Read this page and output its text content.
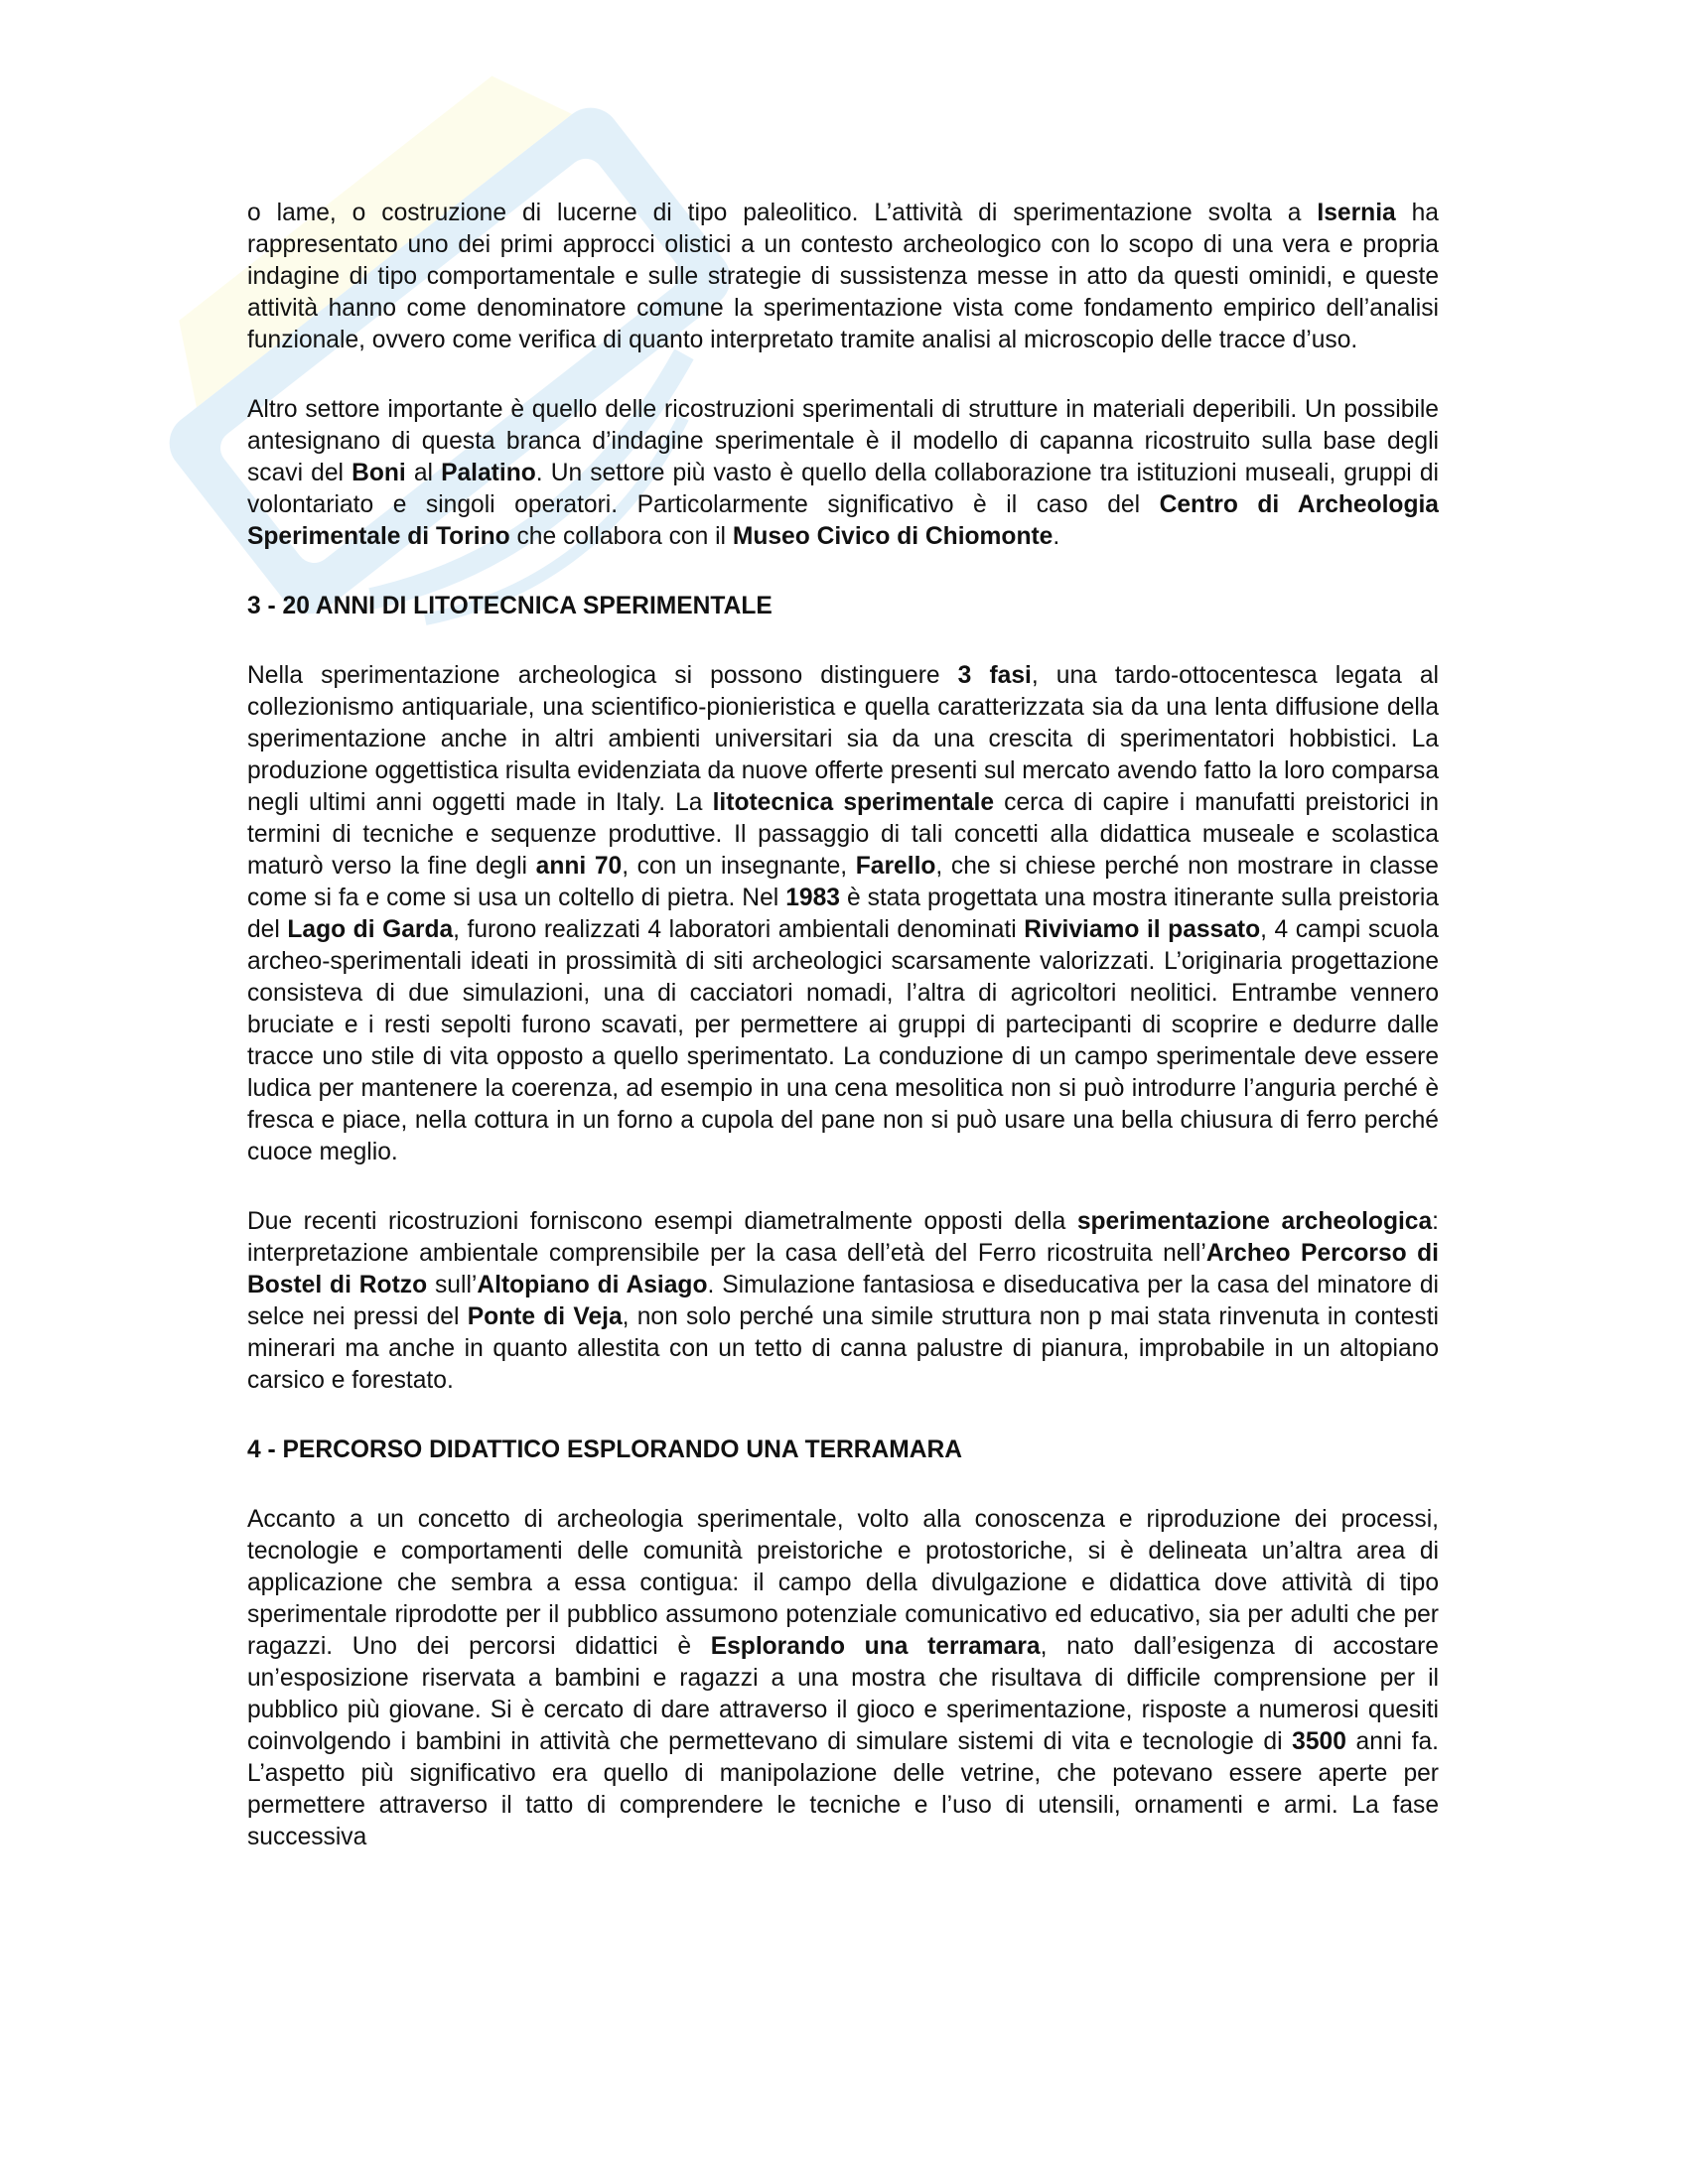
o lame, o costruzione di lucerne di tipo paleolitico. L’attività di sperimentazione svolta a Isernia ha rappresentato uno dei primi approcci olistici a un contesto archeologico con lo scopo di una vera e propria indagine di tipo comportamentale e sulle strategie di sussistenza messe in atto da questi ominidi, e queste attività hanno come denominatore comune la sperimentazione vista come fondamento empirico dell’analisi funzionale, ovvero come verifica di quanto interpretato tramite analisi al microscopio delle tracce d’uso.

Altro settore importante è quello delle ricostruzioni sperimentali di strutture in materiali deperibili. Un possibile antesignano di questa branca d’indagine sperimentale è il modello di capanna ricostruito sulla base degli scavi del Boni al Palatino. Un settore più vasto è quello della collaborazione tra istituzioni museali, gruppi di volontariato e singoli operatori. Particolarmente significativo è il caso del Centro di Archeologia Sperimentale di Torino che collabora con il Museo Civico di Chiomonte.

3 - 20 ANNI DI LITOTECNICA SPERIMENTALE

Nella sperimentazione archeologica si possono distinguere 3 fasi, una tardo-ottocentesca legata al collezionismo antiquariale, una scientifico-pionieristica e quella caratterizzata sia da una lenta diffusione della sperimentazione anche in altri ambienti universitari sia da una crescita di sperimentatori hobbistici. La produzione oggettistica risulta evidenziata da nuove offerte presenti sul mercato avendo fatto la loro comparsa negli ultimi anni oggetti made in Italy. La litotecnica sperimentale cerca di capire i manufatti preistorici in termini di tecniche e sequenze produttive. Il passaggio di tali concetti alla didattica museale e scolastica maturò verso la fine degli anni 70, con un insegnante, Farello, che si chiese perché non mostrare in classe come si fa e come si usa un coltello di pietra. Nel 1983 è stata progettata una mostra itinerante sulla preistoria del Lago di Garda, furono realizzati 4 laboratori ambientali denominati Riviviamo il passato, 4 campi scuola archeo-sperimentali ideati in prossimità di siti archeologici scarsamente valorizzati. L’originaria progettazione consisteva di due simulazioni, una di cacciatori nomadi, l’altra di agricoltori neolitici. Entrambe vennero bruciate e i resti sepolti furono scavati, per permettere ai gruppi di partecipanti di scoprire e dedurre dalle tracce uno stile di vita opposto a quello sperimentato. La conduzione di un campo sperimentale deve essere ludica per mantenere la coerenza, ad esempio in una cena mesolitica non si può introdurre l’anguria perché è fresca e piace, nella cottura in un forno a cupola del pane non si può usare una bella chiusura di ferro perché cuoce meglio.

Due recenti ricostruzioni forniscono esempi diametralmente opposti della sperimentazione archeologica: interpretazione ambientale comprensibile per la casa dell’età del Ferro ricostruita nell’Archeo Percorso di Bostel di Rotzo sull’Altopiano di Asiago. Simulazione fantasiosa e diseducativa per la casa del minatore di selce nei pressi del Ponte di Veja, non solo perché una simile struttura non p mai stata rinvenuta in contesti minerari ma anche in quanto allestita con un tetto di canna palustre di pianura, improbabile in un altopiano carsico e forestato.

4 - PERCORSO DIDATTICO ESPLORANDO UNA TERRAMARA

Accanto a un concetto di archeologia sperimentale, volto alla conoscenza e riproduzione dei processi, tecnologie e comportamenti delle comunità preistoriche e protostoriche, si è delineata un’altra area di applicazione che sembra a essa contigua: il campo della divulgazione e didattica dove attività di tipo sperimentale riprodotte per il pubblico assumono potenziale comunicativo ed educativo, sia per adulti che per ragazzi. Uno dei percorsi didattici è Esplorando una terramara, nato dall’esigenza di accostare un’esposizione riservata a bambini e ragazzi a una mostra che risultava di difficile comprensione per il pubblico più giovane. Si è cercato di dare attraverso il gioco e sperimentazione, risposte a numerosi quesiti coinvolgendo i bambini in attività che permettevano di simulare sistemi di vita e tecnologie di 3500 anni fa. L’aspetto più significativo era quello di manipolazione delle vetrine, che potevano essere aperte per permettere attraverso il tatto di comprendere le tecniche e l’uso di utensili, ornamenti e armi. La fase successiva
